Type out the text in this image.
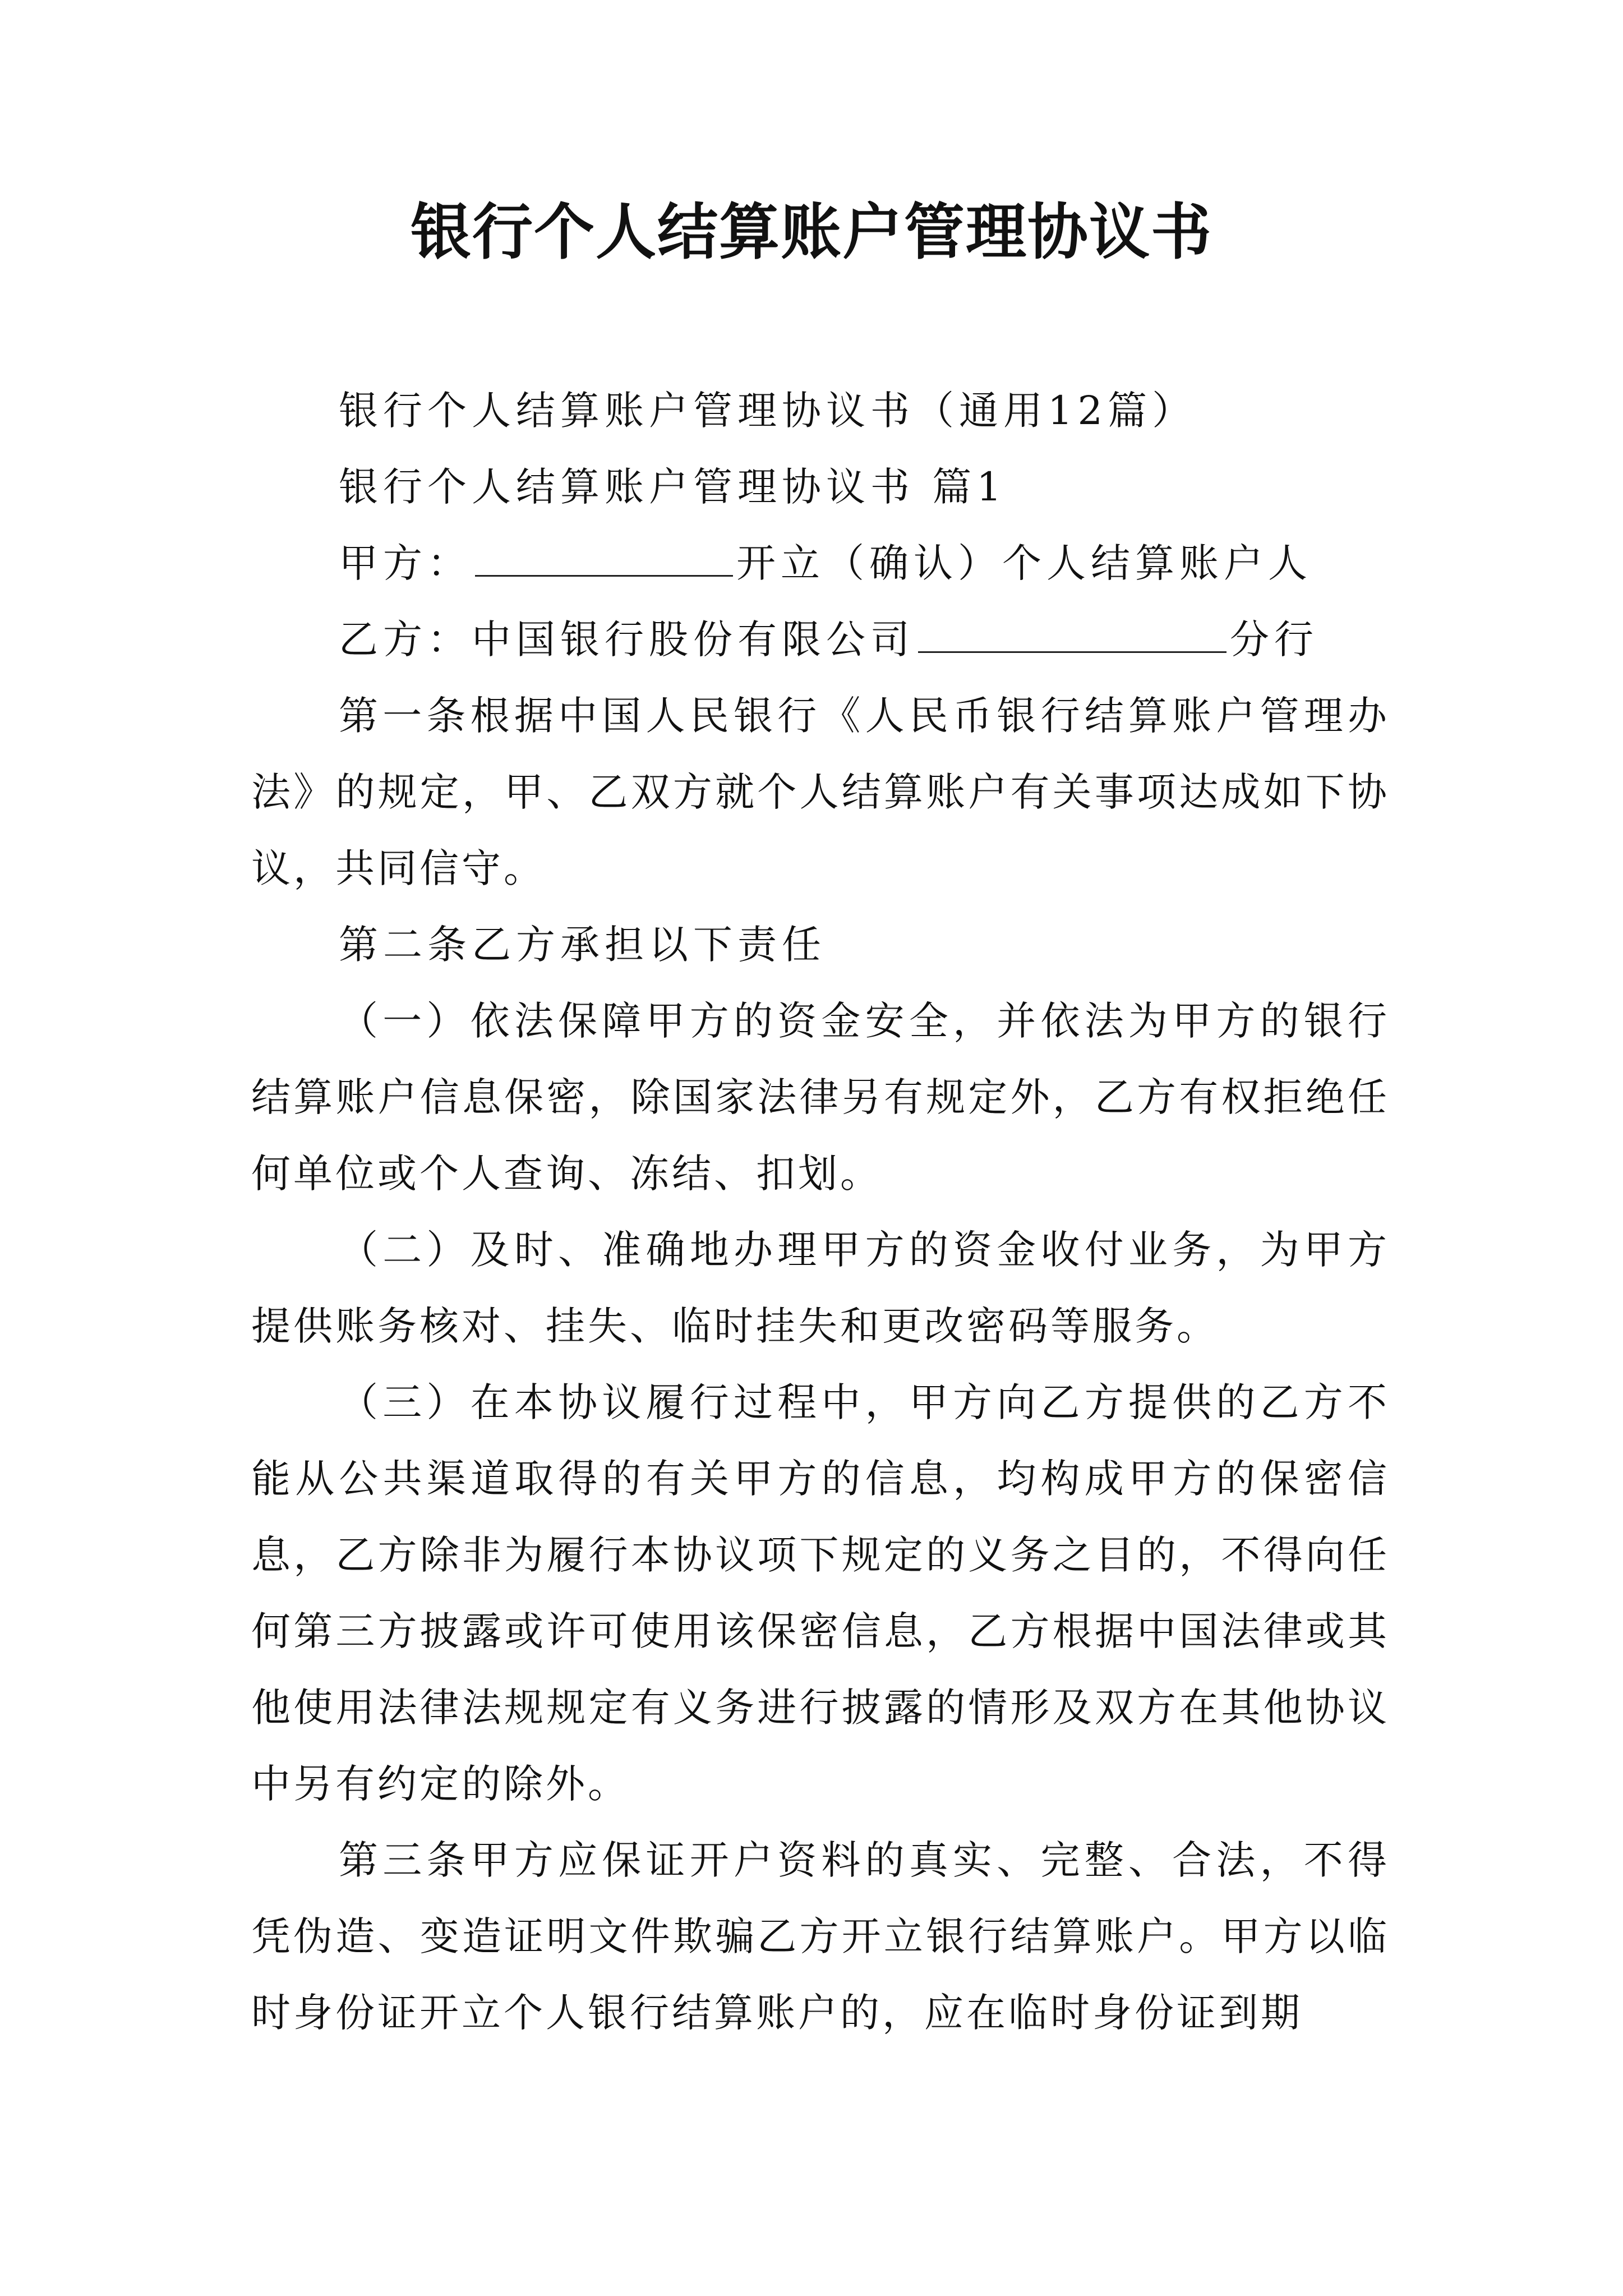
银行个人结算账户管理协议书

银行个人结算账户管理协议书（通用12篇）

银行个人结算账户管理协议书 篇1

甲方：	开立（确认）个人结算账户人

乙方：中国银行股份有限公司	分行

第一条根据中国人民银行《人民币银行结算账户管理办法》的规定，甲、乙双方就个人结算账户有关事项达成如下协议，共同信守。

第二条乙方承担以下责任

（一）依法保障甲方的资金安全，并依法为甲方的银行结算账户信息保密，除国家法律另有规定外，乙方有权拒绝任何单位或个人查询、冻结、扣划。

（二）及时、准确地办理甲方的资金收付业务，为甲方提供账务核对、挂失、临时挂失和更改密码等服务。

（三）在本协议履行过程中，甲方向乙方提供的乙方不能从公共渠道取得的有关甲方的信息，均构成甲方的保密信息，乙方除非为履行本协议项下规定的义务之目的，不得向任何第三方披露或许可使用该保密信息，乙方根据中国法律或其他使用法律法规规定有义务进行披露的情形及双方在其他协议中另有约定的除外。

第三条甲方应保证开户资料的真实、完整、合法，不得凭伪造、变造证明文件欺骗乙方开立银行结算账户。甲方以临时身份证开立个人银行结算账户的，应在临时身份证到期
